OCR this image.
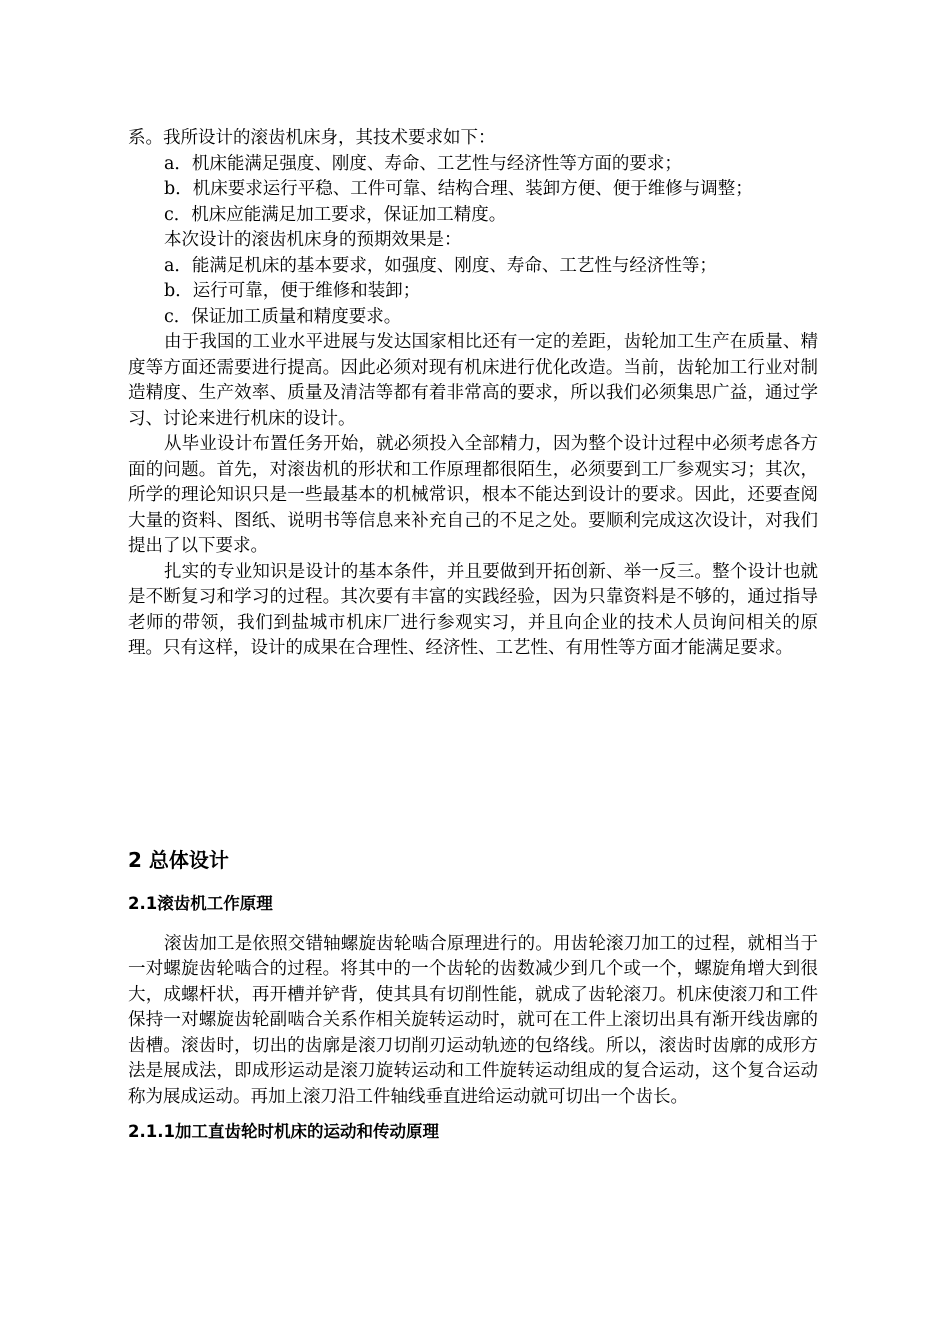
系。我所设计的滚齿机床身，其技术要求如下：

a．机床能满足强度、刚度、寿命、工艺性与经济性等方面的要求；

b．机床要求运行平稳、工件可靠、结构合理、装卸方便、便于维修与调整；

c．机床应能满足加工要求，保证加工精度。

本次设计的滚齿机床身的预期效果是：

a．能满足机床的基本要求，如强度、刚度、寿命、工艺性与经济性等；

b．运行可靠，便于维修和装卸；

c．保证加工质量和精度要求。

由于我国的工业水平进展与发达国家相比还有一定的差距，齿轮加工生产在质量、精度等方面还需要进行提高。因此必须对现有机床进行优化改造。当前，齿轮加工行业对制造精度、生产效率、质量及清洁等都有着非常高的要求，所以我们必须集思广益，通过学习、讨论来进行机床的设计。

从毕业设计布置任务开始，就必须投入全部精力，因为整个设计过程中必须考虑各方面的问题。首先，对滚齿机的形状和工作原理都很陌生，必须要到工厂参观实习；其次，所学的理论知识只是一些最基本的机械常识，根本不能达到设计的要求。因此，还要查阅大量的资料、图纸、说明书等信息来补充自己的不足之处。要顺利完成这次设计，对我们提出了以下要求。

扎实的专业知识是设计的基本条件，并且要做到开拓创新、举一反三。整个设计也就是不断复习和学习的过程。其次要有丰富的实践经验，因为只靠资料是不够的，通过指导老师的带领，我们到盐城市机床厂进行参观实习，并且向企业的技术人员询问相关的原理。只有这样，设计的成果在合理性、经济性、工艺性、有用性等方面才能满足要求。

2 总体设计
2.1滚齿机工作原理

滚齿加工是依照交错轴螺旋齿轮啮合原理进行的。用齿轮滚刀加工的过程，就相当于一对螺旋齿轮啮合的过程。将其中的一个齿轮的齿数减少到几个或一个，螺旋角增大到很大，成螺杆状，再开槽并铲背，使其具有切削性能，就成了齿轮滚刀。机床使滚刀和工件保持一对螺旋齿轮副啮合关系作相关旋转运动时，就可在工件上滚切出具有渐开线齿廓的齿槽。滚齿时，切出的齿廓是滚刀切削刃运动轨迹的包络线。所以，滚齿时齿廓的成形方法是展成法，即成形运动是滚刀旋转运动和工件旋转运动组成的复合运动，这个复合运动称为展成运动。再加上滚刀沿工件轴线垂直进给运动就可切出一个齿长。

2.1.1加工直齿轮时机床的运动和传动原理
